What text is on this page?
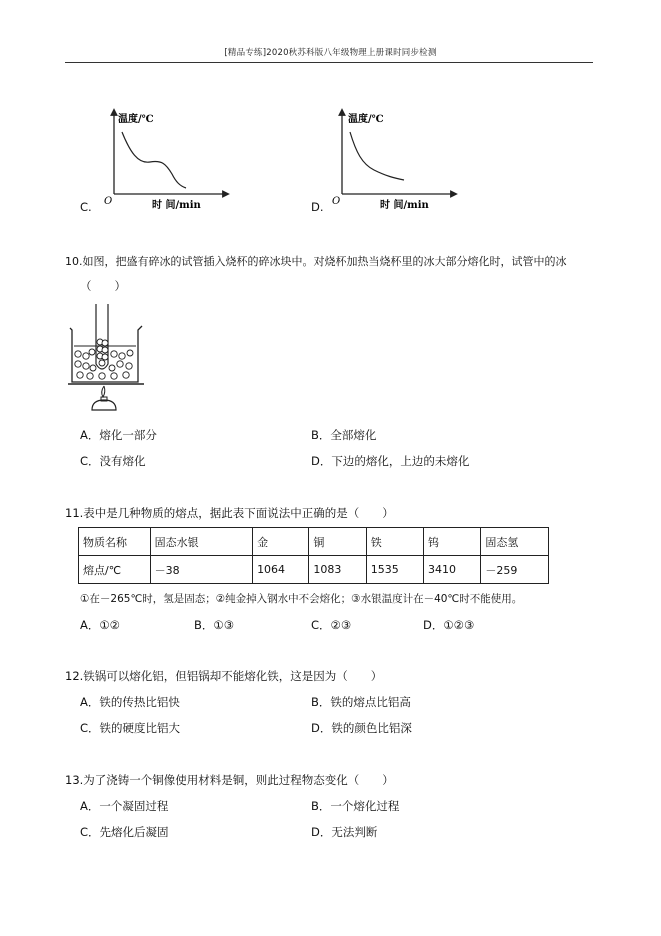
[精品专练]2020秋苏科版八年级物理上册课时同步检测
温度/℃
O	时 间/min
C.
温度/℃
O	时 间/min
D.
10.如图，把盛有碎冰的试管插入烧杯的碎冰块中。对烧杯加热当烧杯里的冰大部分熔化时，试管中的冰
（　　）
A．熔化一部分	B．全部熔化
C．没有熔化	D．下边的熔化，上边的未熔化
11.表中是几种物质的熔点，据此表下面说法中正确的是（　　）
物质名称	固态水银	金	铜	铁	钨	固态氢
熔点/℃	－38	1064	1083	1535	3410	－259
①在－265℃时，氢是固态；②纯金掉入钢水中不会熔化；③水银温度计在－40℃时不能使用。
A．①②	B．①③	C．②③	D．①②③
12.铁锅可以熔化铝，但铝锅却不能熔化铁，这是因为（　　）
A．铁的传热比铝快	B．铁的熔点比铝高
C．铁的硬度比铝大	D．铁的颜色比铝深
13.为了浇铸一个铜像使用材料是铜，则此过程物态变化（　　）
A．一个凝固过程	B．一个熔化过程
C．先熔化后凝固	D．无法判断
